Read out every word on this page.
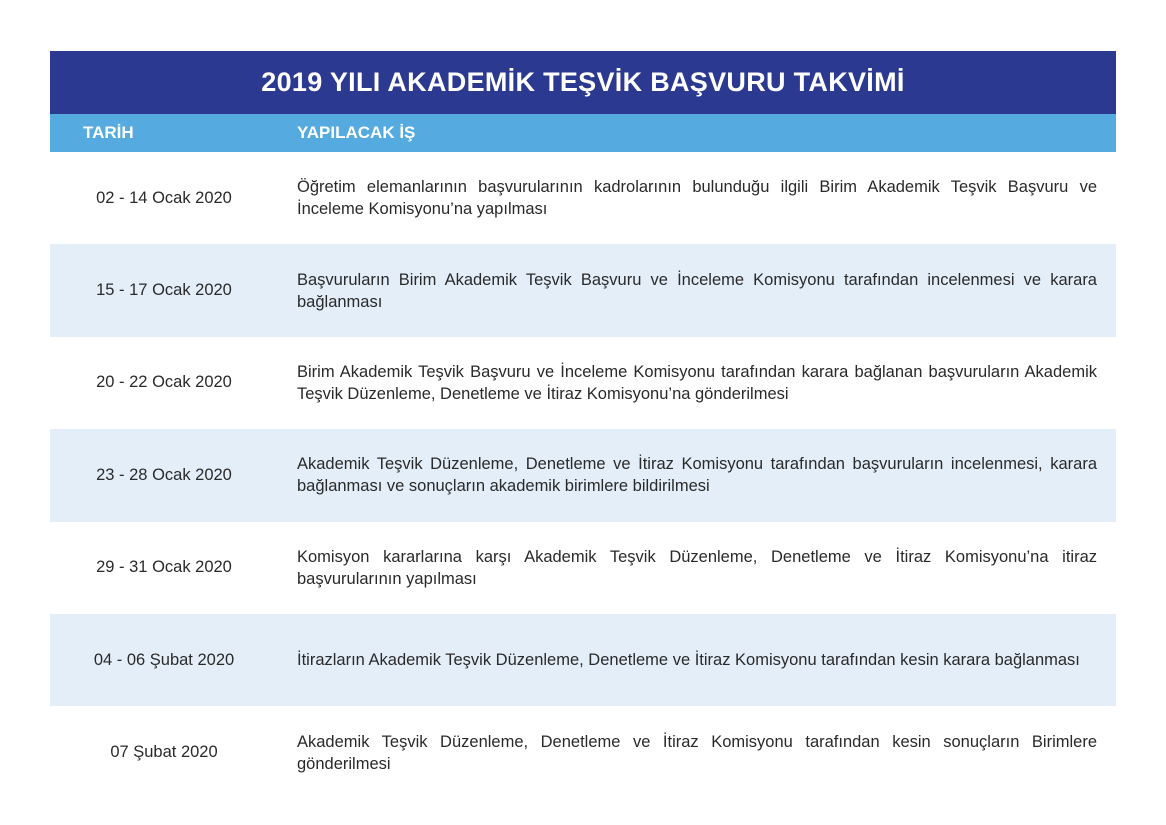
2019 YILI AKADEMİK TEŞVİK BAŞVURU TAKVİMİ
TARİH	YAPILACAK İŞ
02 - 14 Ocak 2020
Öğretim elemanlarının başvurularının kadrolarının bulunduğu ilgili Birim Akademik Teşvik Başvuru ve İnceleme Komisyonu’na yapılması
15 - 17 Ocak 2020
Başvuruların Birim Akademik Teşvik Başvuru ve İnceleme Komisyonu tarafından incelenmesi ve karara bağlanması
20 - 22 Ocak 2020
Birim Akademik Teşvik Başvuru ve İnceleme Komisyonu tarafından karara bağlanan başvuruların Akademik Teşvik Düzenleme, Denetleme ve İtiraz Komisyonu’na gönderilmesi
23 - 28 Ocak 2020
Akademik Teşvik Düzenleme, Denetleme ve İtiraz Komisyonu tarafından başvuruların incelenmesi, karara bağlanması ve sonuçların akademik birimlere bildirilmesi
29 - 31 Ocak 2020
Komisyon kararlarına karşı Akademik Teşvik Düzenleme, Denetleme ve İtiraz Komisyonu’na itiraz başvurularının yapılması
04 - 06 Şubat 2020	İtirazların Akademik Teşvik Düzenleme, Denetleme ve İtiraz Komisyonu tarafından kesin karara bağlanması
07 Şubat 2020
Akademik Teşvik Düzenleme, Denetleme ve İtiraz Komisyonu tarafından kesin sonuçların Birimlere gönderilmesi
